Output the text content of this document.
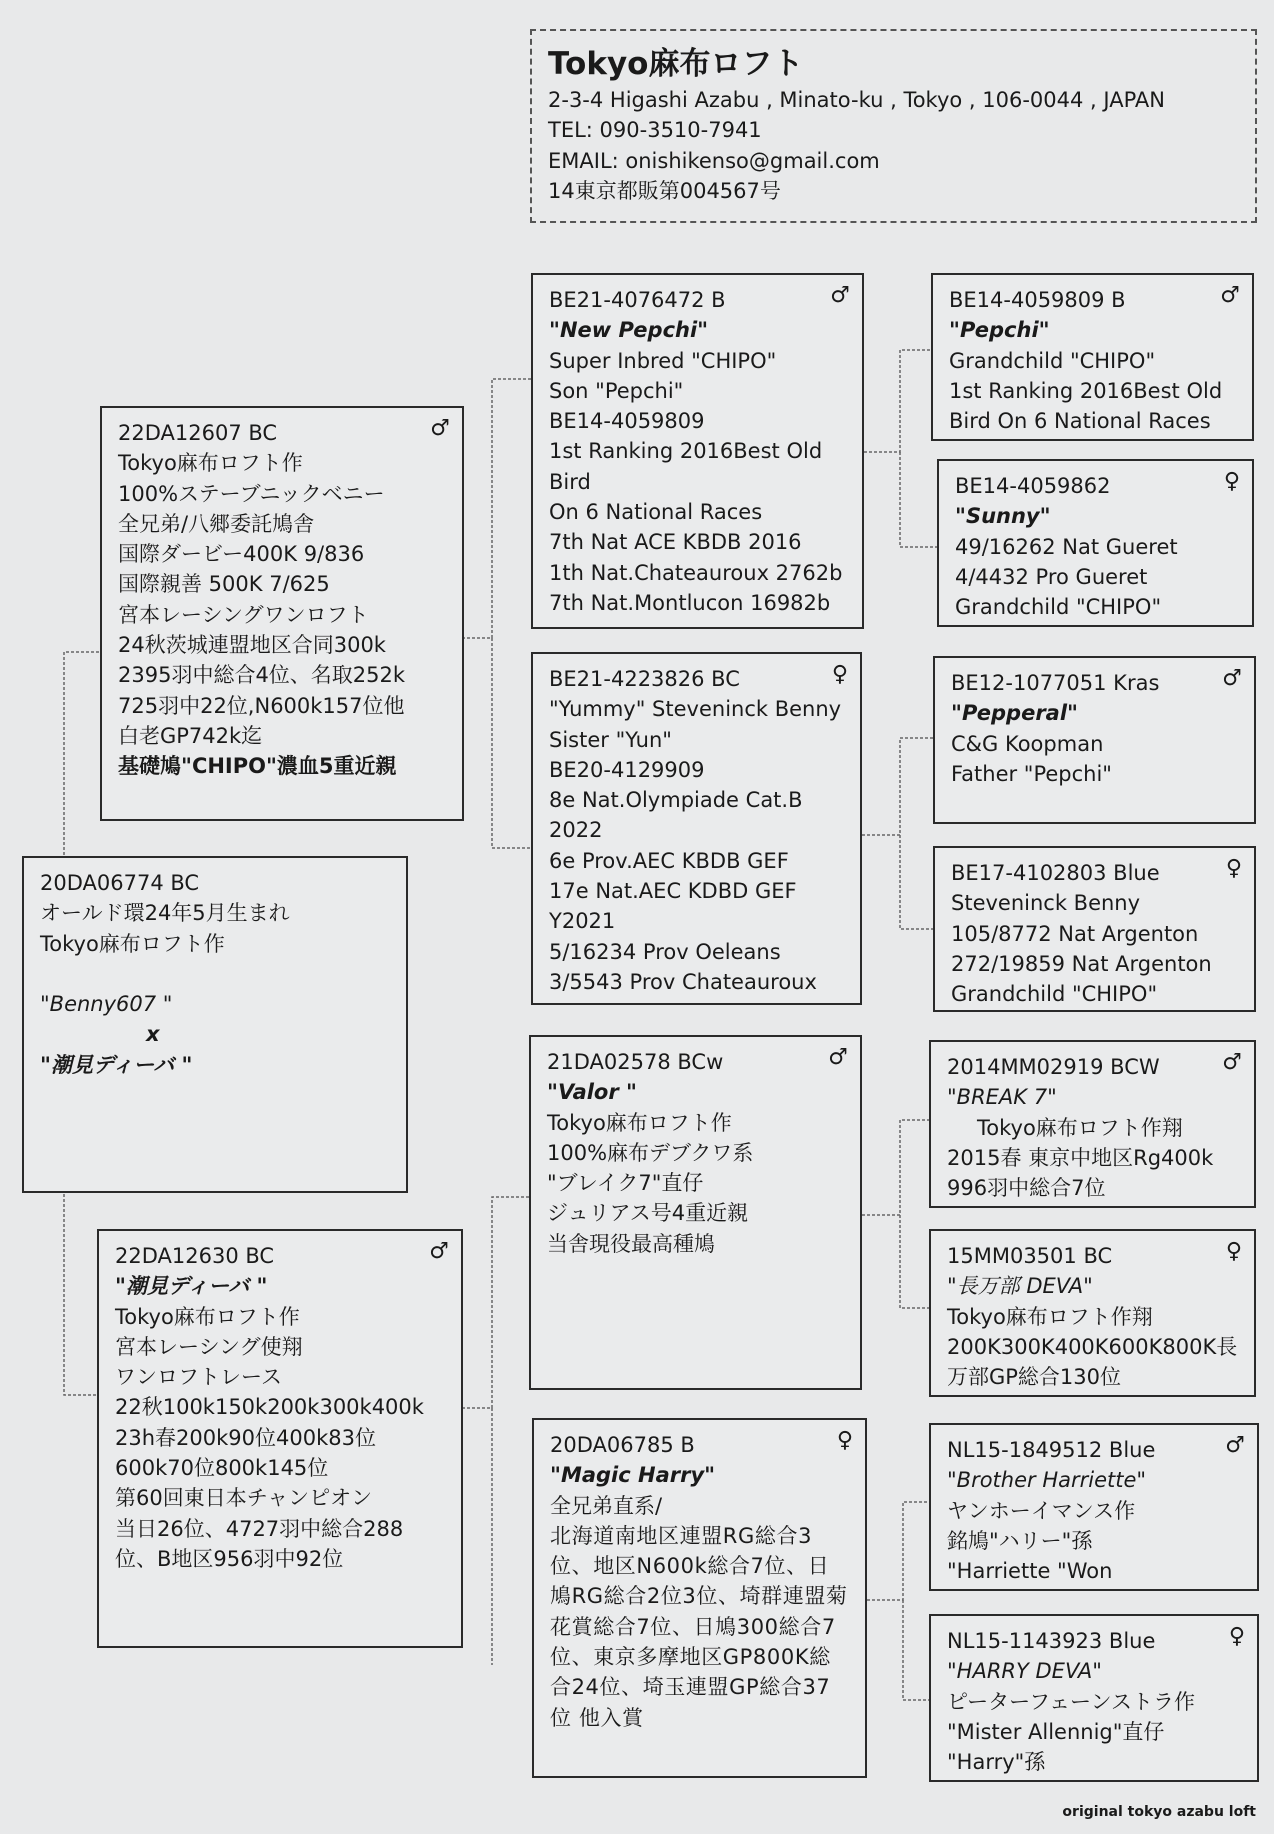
Tokyo麻布ロフト
2-3-4 Higashi Azabu , Minato-ku , Tokyo , 106-0044 , JAPAN
TEL: 090-3510-7941
EMAIL: onishikenso@gmail.com
14東京都販第004567号
20DA06774 BC
オールド環24年5月生まれ
Tokyo麻布ロフト作
"Benny607 "
x
"潮見ディーバ "
♂
22DA12607 BC
Tokyo麻布ロフト作
100%ステーブニックベニー
全兄弟/八郷委託鳩舎
国際ダービー400K 9/836
国際親善 500K 7/625
宮本レーシングワンロフト
24秋茨城連盟地区合同300k
2395羽中総合4位、名取252k
725羽中22位,N600k157位他
白老GP742k迄
基礎鳩"CHIPO"濃血5重近親
♂
22DA12630 BC
"潮見ディーバ "
Tokyo麻布ロフト作
宮本レーシング使翔
ワンロフトレース
22秋100k150k200k300k400k
23h春200k90位400k83位
600k70位800k145位
第60回東日本チャンピオン
当日26位、4727羽中総合288
位、B地区956羽中92位
♂
BE21-4076472 B
"New Pepchi"
Super Inbred "CHIPO"
Son "Pepchi"
BE14-4059809
1st Ranking 2016Best Old
Bird
On 6 National Races
7th Nat ACE KBDB 2016
1th Nat.Chateauroux 2762b
7th Nat.Montlucon 16982b
♀
BE21-4223826 BC
"Yummy" Steveninck Benny
Sister "Yun"
BE20-4129909
8e Nat.Olympiade Cat.B
2022
6e Prov.AEC KBDB GEF
17e Nat.AEC KDBD GEF
Y2021
5/16234 Prov Oeleans
3/5543 Prov Chateauroux
♂
21DA02578 BCw
"Valor "
Tokyo麻布ロフト作
100%麻布デブクワ系
"ブレイク7"直仔
ジュリアス号4重近親
当舎現役最高種鳩
♀
20DA06785 B
"Magic Harry"
全兄弟直系/
北海道南地区連盟RG総合3位、地区N600k総合7位、日鳩RG総合2位3位、埼群連盟菊花賞総合7位、日鳩300総合7位、東京多摩地区GP800K総合24位、埼玉連盟GP総合37位 他入賞
♂
BE14-4059809 B
"Pepchi"
Grandchild "CHIPO"
1st Ranking 2016Best Old
Bird On 6 National Races
♀
BE14-4059862
"Sunny"
49/16262 Nat Gueret
4/4432 Pro Gueret
Grandchild "CHIPO"
♂
BE12-1077051 Kras
"Pepperal"
C&G Koopman
Father "Pepchi"
♀
BE17-4102803 Blue
Steveninck Benny
105/8772 Nat Argenton
272/19859 Nat Argenton
Grandchild "CHIPO"
♂
2014MM02919 BCW
"BREAK 7"
Tokyo麻布ロフト作翔
2015春 東京中地区Rg400k
996羽中総合7位
♀
15MM03501 BC
"長万部 DEVA"
Tokyo麻布ロフト作翔
200K300K400K600K800K長
万部GP総合130位
♂
NL15-1849512 Blue
"Brother Harriette"
ヤンホーイマンス作
銘鳩"ハリー"孫
"Harriette "Won
♀
NL15-1143923 Blue
"HARRY DEVA"
ピーターフェーンストラ作
"Mister Allennig"直仔
"Harry"孫
original tokyo azabu loft
